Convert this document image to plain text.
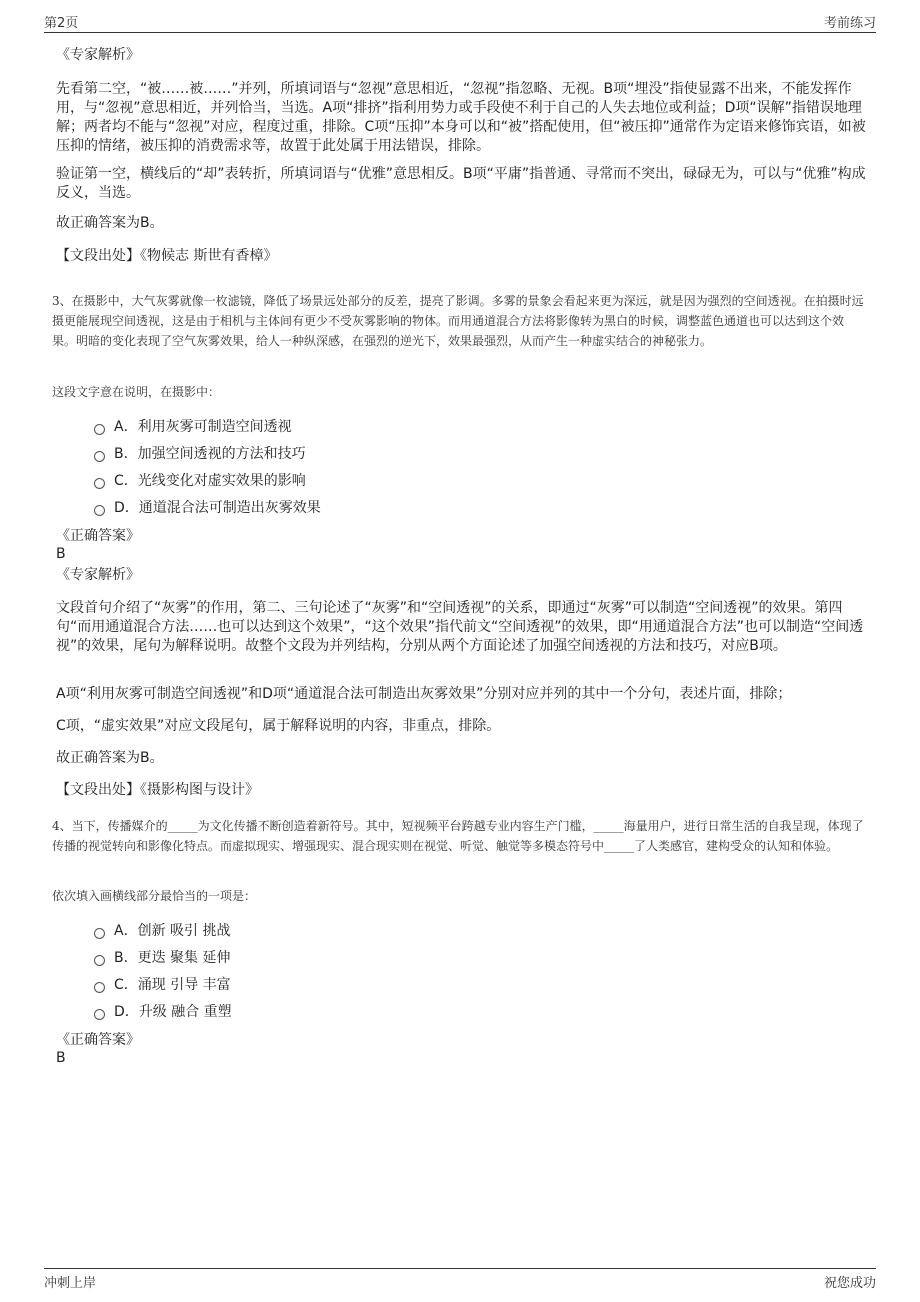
第2页	考前练习
《专家解析》
先看第二空，“被……被……”并列，所填词语与“忽视”意思相近，“忽视”指忽略、无视。B项“埋没”指使显露不出来，不能发挥作用，与“忽视”意思相近，并列恰当，当选。A项“排挤”指利用势力或手段使不利于自己的人失去地位或利益；D项“误解”指错误地理解；两者均不能与“忽视”对应，程度过重，排除。C项“压抑”本身可以和“被”搭配使用，但“被压抑”通常作为定语来修饰宾语，如被压抑的情绪，被压抑的消费需求等，故置于此处属于用法错误，排除。
验证第一空，横线后的“却”表转折，所填词语与“优雅”意思相反。B项“平庸”指普通、寻常而不突出，碌碌无为，可以与“优雅”构成反义，当选。
故正确答案为B。
【文段出处】《物候志 斯世有香樟》
3、在摄影中，大气灰雾就像一枚滤镜，降低了场景远处部分的反差，提亮了影调。多雾的景象会看起来更为深远，就是因为强烈的空间透视。在拍摄时远摄更能展现空间透视，这是由于相机与主体间有更少不受灰雾影响的物体。而用通道混合方法将影像转为黑白的时候，调整蓝色通道也可以达到这个效果。明暗的变化表现了空气灰雾效果，给人一种纵深感，在强烈的逆光下，效果最强烈，从而产生一种虚实结合的神秘张力。
这段文字意在说明，在摄影中：
A．利用灰雾可制造空间透视
B．加强空间透视的方法和技巧
C．光线变化对虚实效果的影响
D．通道混合法可制造出灰雾效果
《正确答案》
B
《专家解析》
文段首句介绍了“灰雾”的作用，第二、三句论述了“灰雾”和“空间透视”的关系，即通过“灰雾”可以制造“空间透视”的效果。第四句“而用通道混合方法……也可以达到这个效果”，“这个效果”指代前文“空间透视”的效果，即“用通道混合方法”也可以制造“空间透视”的效果，尾句为解释说明。故整个文段为并列结构，分别从两个方面论述了加强空间透视的方法和技巧，对应B项。
A项“利用灰雾可制造空间透视”和D项“通道混合法可制造出灰雾效果”分别对应并列的其中一个分句，表述片面，排除；
C项，“虚实效果”对应文段尾句，属于解释说明的内容，非重点，排除。
故正确答案为B。
【文段出处】《摄影构图与设计》
4、当下，传播媒介的_____为文化传播不断创造着新符号。其中，短视频平台跨越专业内容生产门槛，_____海量用户，进行日常生活的自我呈现，体现了传播的视觉转向和影像化特点。而虚拟现实、增强现实、混合现实则在视觉、听觉、触觉等多模态符号中_____了人类感官，建构受众的认知和体验。
依次填入画横线部分最恰当的一项是：
A．创新 吸引 挑战
B．更迭 聚集 延伸
C．涌现 引导 丰富
D．升级 融合 重塑
《正确答案》
B
冲刺上岸	祝您成功
